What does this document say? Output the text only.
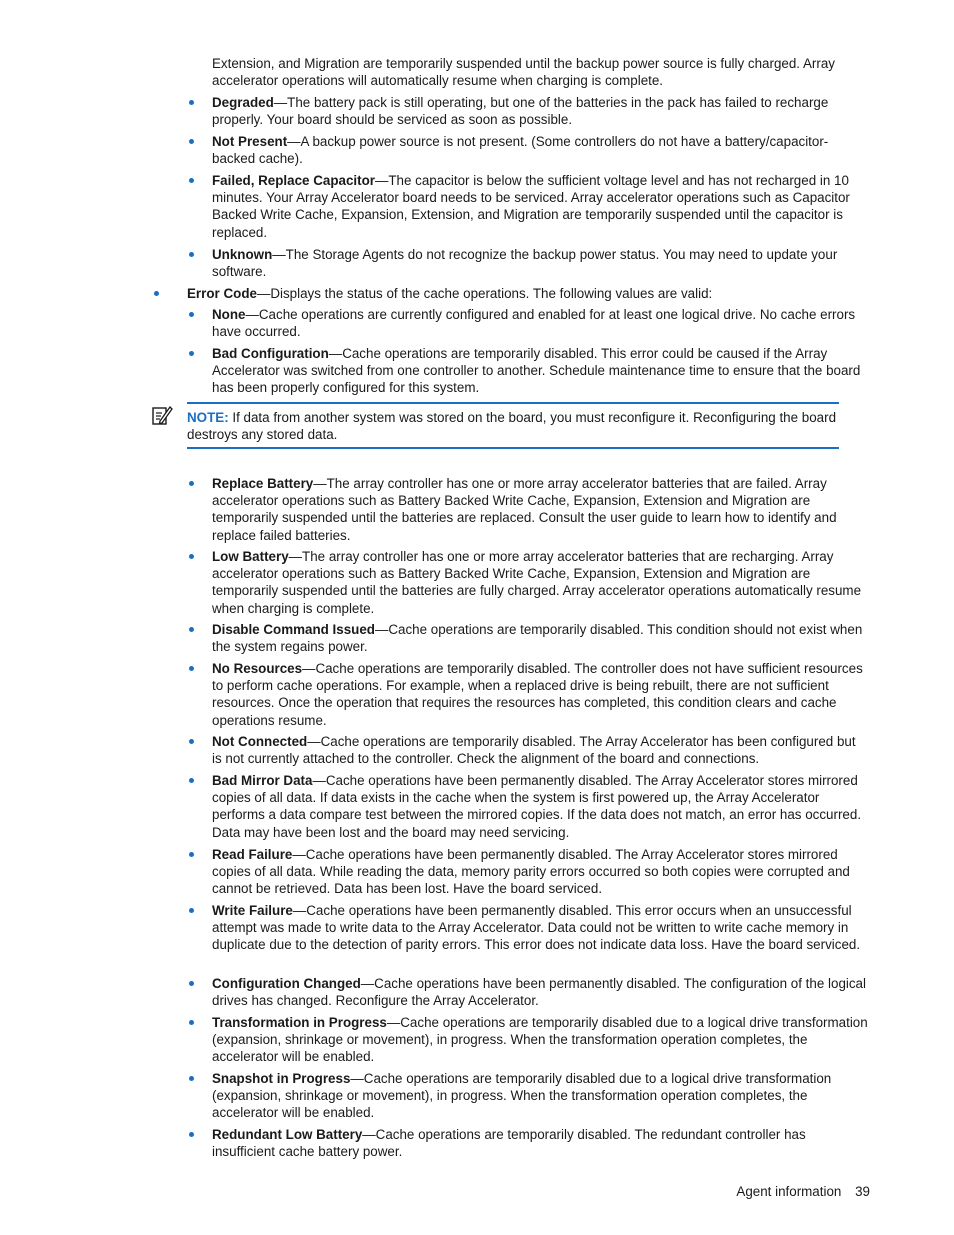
Extension, and Migration are temporarily suspended until the backup power source is fully charged. Array accelerator operations will automatically resume when charging is complete.

Degraded—The battery pack is still operating, but one of the batteries in the pack has failed to recharge properly. Your board should be serviced as soon as possible.
Not Present—A backup power source is not present. (Some controllers do not have a battery/capacitor-backed cache).
Failed, Replace Capacitor—The capacitor is below the sufficient voltage level and has not recharged in 10 minutes. Your Array Accelerator board needs to be serviced. Array accelerator operations such as Capacitor Backed Write Cache, Expansion, Extension, and Migration are temporarily suspended until the capacitor is replaced.
Unknown—The Storage Agents do not recognize the backup power status. You may need to update your software.
Error Code—Displays the status of the cache operations. The following values are valid:
None—Cache operations are currently configured and enabled for at least one logical drive. No cache errors have occurred.
Bad Configuration—Cache operations are temporarily disabled. This error could be caused if the Array Accelerator was switched from one controller to another. Schedule maintenance time to ensure that the board has been properly configured for this system.
NOTE: If data from another system was stored on the board, you must reconfigure it. Reconfiguring the board destroys any stored data.
Replace Battery—The array controller has one or more array accelerator batteries that are failed. Array accelerator operations such as Battery Backed Write Cache, Expansion, Extension and Migration are temporarily suspended until the batteries are replaced. Consult the user guide to learn how to identify and replace failed batteries.
Low Battery—The array controller has one or more array accelerator batteries that are recharging. Array accelerator operations such as Battery Backed Write Cache, Expansion, Extension and Migration are temporarily suspended until the batteries are fully charged. Array accelerator operations automatically resume when charging is complete.
Disable Command Issued—Cache operations are temporarily disabled. This condition should not exist when the system regains power.
No Resources—Cache operations are temporarily disabled. The controller does not have sufficient resources to perform cache operations. For example, when a replaced drive is being rebuilt, there are not sufficient resources. Once the operation that requires the resources has completed, this condition clears and cache operations resume.
Not Connected—Cache operations are temporarily disabled. The Array Accelerator has been configured but is not currently attached to the controller. Check the alignment of the board and connections.
Bad Mirror Data—Cache operations have been permanently disabled. The Array Accelerator stores mirrored copies of all data. If data exists in the cache when the system is first powered up, the Array Accelerator performs a data compare test between the mirrored copies. If the data does not match, an error has occurred. Data may have been lost and the board may need servicing.
Read Failure—Cache operations have been permanently disabled. The Array Accelerator stores mirrored copies of all data. While reading the data, memory parity errors occurred so both copies were corrupted and cannot be retrieved. Data has been lost. Have the board serviced.
Write Failure—Cache operations have been permanently disabled. This error occurs when an unsuccessful attempt was made to write data to the Array Accelerator. Data could not be written to write cache memory in duplicate due to the detection of parity errors. This error does not indicate data loss. Have the board serviced.
Configuration Changed—Cache operations have been permanently disabled. The configuration of the logical drives has changed. Reconfigure the Array Accelerator.
Transformation in Progress—Cache operations are temporarily disabled due to a logical drive transformation (expansion, shrinkage or movement), in progress. When the transformation operation completes, the accelerator will be enabled.
Snapshot in Progress—Cache operations are temporarily disabled due to a logical drive transformation (expansion, shrinkage or movement), in progress. When the transformation operation completes, the accelerator will be enabled.
Redundant Low Battery—Cache operations are temporarily disabled. The redundant controller has insufficient cache battery power.
Agent information 39
